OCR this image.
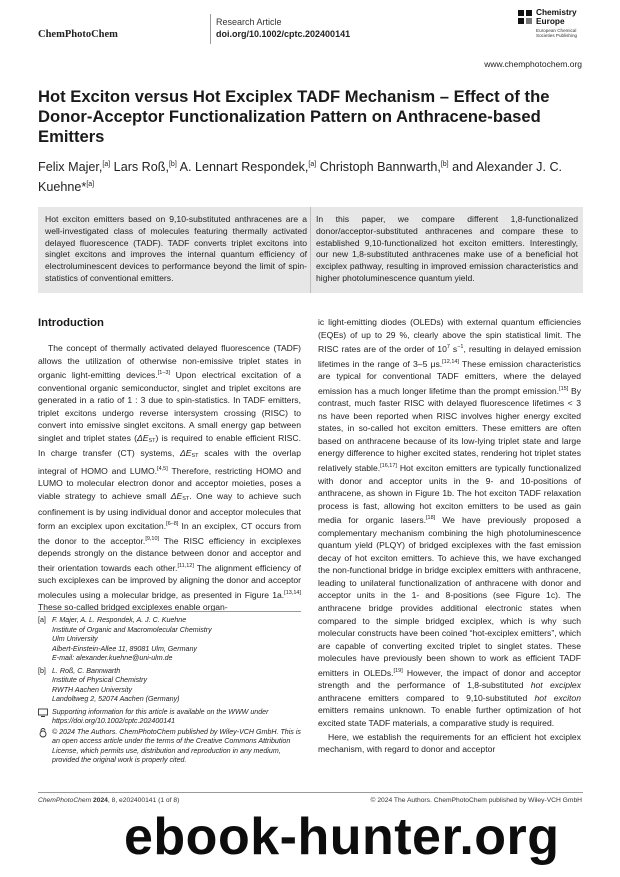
ChemPhotoChem
Research Article
doi.org/10.1002/cptc.202400141
Chemistry
Europe
European Chemical
Societies Publishing
www.chemphotochem.org
Hot Exciton versus Hot Exciplex TADF Mechanism – Effect of the Donor-Acceptor Functionalization Pattern on Anthracene-based Emitters
Felix Majer,[a] Lars Roß,[b] A. Lennart Respondek,[a] Christoph Bannwarth,[b] and Alexander J. C. Kuehne*[a]
Hot exciton emitters based on 9,10-substituted anthracenes are a well-investigated class of molecules featuring thermally activated delayed fluorescence (TADF). TADF converts triplet excitons into singlet excitons and improves the internal quantum efficiency of electroluminescent devices to performance beyond the limit of spin-statistics of conventional emitters.
In this paper, we compare different 1,8-functionalized donor/acceptor-substituted anthracenes and compare these to established 9,10-functionalized hot exciton emitters. Interestingly, our new 1,8-substituted anthracenes make use of a beneficial hot exciplex pathway, resulting in improved emission characteristics and higher photoluminescence quantum yield.
Introduction

The concept of thermally activated delayed fluorescence (TADF) allows the utilization of otherwise non-emissive triplet states in organic light-emitting devices.[1–3] Upon electrical excitation of a conventional organic semiconductor, singlet and triplet excitons are generated in a ratio of 1 : 3 due to spin-statistics. In TADF emitters, triplet excitons undergo reverse intersystem crossing (RISC) to convert into emissive singlet excitons. A small energy gap between singlet and triplet states $(\Delta E_{ST})$ is required to enable efficient RISC. In charge transfer (CT) systems, $\Delta E_{ST}$ scales with the overlap integral of HOMO and LUMO.[4,5] Therefore, restricting HOMO and LUMO to molecular electron donor and acceptor moieties, poses a viable strategy to achieve small $\Delta E_{ST}$. One way to achieve such confinement is by using individual donor and acceptor molecules that form an exciplex upon excitation.[6–8] In an exciplex, CT occurs from the donor to the acceptor.[9,10] The RISC efficiency in exciplexes depends strongly on the distance between donor and acceptor and their orientation towards each other.[11,12] The alignment efficiency of such exciplexes can be improved by aligning the donor and acceptor molecules using a molecular bridge, as presented in Figure 1a.[13,14] These so-called bridged exciplexes enable organ-

[a] F. Majer, A. L. Respondek, A. J. C. Kuehne
Institute of Organic and Macromolecular Chemistry
Ulm University
Albert-Einstein-Allee 11, 89081 Ulm, Germany
E-mail: alexander.kuehne@uni-ulm.de
[b] L. Roß, C. Bannwarth
Institute of Physical Chemistry
RWTH Aachen University
Landoltweg 2, 52074 Aachen (Germany)
Supporting information for this article is available on the WWW under https://doi.org/10.1002/cptc.202400141
© 2024 The Authors. ChemPhotoChem published by Wiley-VCH GmbH. This is an open access article under the terms of the Creative Commons Attribution License, which permits use, distribution and reproduction in any medium, provided the original work is properly cited.

ic light-emitting diodes (OLEDs) with external quantum efficiencies (EQEs) of up to 29 %, clearly above the spin statistical limit. The RISC rates are of the order of $10^7$ $s^{-1}$, resulting in delayed emission lifetimes in the range of 3–5 μs.[12,14] These emission characteristics are typical for conventional TADF emitters, where the delayed emission has a much longer lifetime than the prompt emission.[15] By contrast, much faster RISC with delayed fluorescence lifetimes < 3 ns have been reported when RISC involves higher energy excited states, in so-called hot exciton emitters. These emitters are often based on anthracene because of its low-lying triplet state and large energy difference to higher excited states, rendering hot triplet states relatively stable.[16,17] Hot exciton emitters are typically functionalized with donor and acceptor units in the 9- and 10-positions of anthracene, as shown in Figure 1b. The hot exciton TADF relaxation process is fast, allowing hot exciton emitters to be used as gain media for organic lasers.[18] We have previously proposed a complementary mechanism combining the high photoluminescence quantum yield (PLQY) of bridged exciplexes with the fast emission decay of hot exciton emitters. To achieve this, we have exchanged the non-functional bridge in bridge exciplex emitters with anthracene, leading to unilateral functionalization of anthracene with donor and acceptor units in the 1- and 8-positions (see Figure 1c). The anthracene bridge provides additional electronic states when compared to the simple bridged exciplex, which is why such molecular constructs have been coined “hot-exciplex emitters”, which are capable of converting excited triplet to singlet states. These molecules have previously been shown to work as efficient TADF emitters in OLEDs.[19] However, the impact of donor and acceptor strength and the performance of 1,8-substituted hot exciplex anthracene emitters compared to 9,10-substituted hot exciton emitters remains unknown. To enable further optimization of hot excited state TADF materials, a comparative study is required.

Here, we establish the requirements for an efficient hot exciplex mechanism, with regard to donor and acceptor

ChemPhotoChem 2024, 8, e202400141 (1 of 8)	© 2024 The Authors. ChemPhotoChem published by Wiley-VCH GmbH
ebook-hunter.org
